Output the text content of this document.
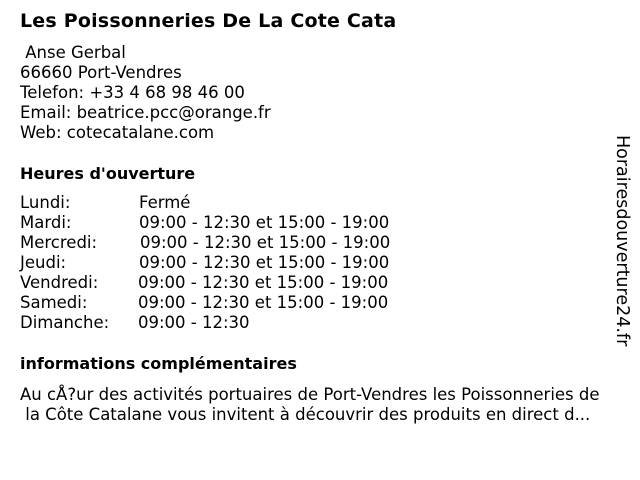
Les Poissonneries De La Cote Cata
Anse Gerbal
66660 Port-Vendres
Telefon: +33 4 68 98 46 00
Email: beatrice.pcc@orange.fr
Web: cotecatalane.com
Heures d'ouverture
Lundi:	Fermé
Mardi:	09:00 - 12:30 et 15:00 - 19:00
Mercredi:	09:00 - 12:30 et 15:00 - 19:00
Jeudi:	09:00 - 12:30 et 15:00 - 19:00
Vendredi: 09:00 - 12:30 et 15:00 - 19:00
Samedi:	09:00 - 12:30 et 15:00 - 19:00
Dimanche: 09:00 - 12:30
informations complémentaires
Au cÅ?ur des activités portuaires de Port-Vendres les Poissonneries de
la Côte Catalane vous invitent à découvrir des produits en direct d...
Horairesdouverture24.fr
